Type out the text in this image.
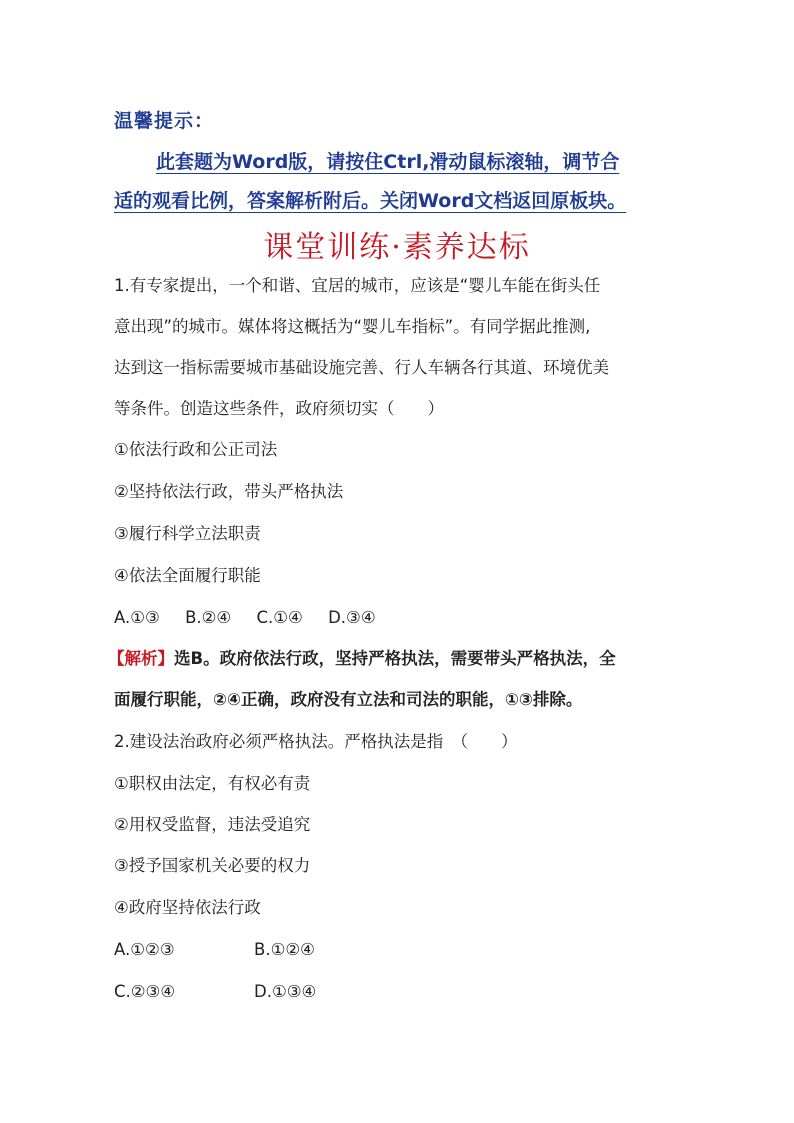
温馨提示：
此套题为Word版，请按住Ctrl,滑动鼠标滚轴，调节合
适的观看比例，答案解析附后。关闭Word文档返回原板块。
课堂训练·素养达标
1.有专家提出，一个和谐、宜居的城市，应该是“婴儿车能在街头任
意出现”的城市。媒体将这概括为“婴儿车指标”。有同学据此推测,
达到这一指标需要城市基础设施完善、行人车辆各行其道、环境优美
等条件。创造这些条件，政府须切实（　　）
①依法行政和公正司法
②坚持依法行政，带头严格执法
③履行科学立法职责
④依法全面履行职能
A.①③ B.②④ C.①④ D.③④
【解析】选B。政府依法行政，坚持严格执法，需要带头严格执法，全
面履行职能，②④正确，政府没有立法和司法的职能，①③排除。
2.建设法治政府必须严格执法。严格执法是指　（　　）
①职权由法定，有权必有责
②用权受监督，违法受追究
③授予国家机关必要的权力
④政府坚持依法行政
A.①②③	B.①②④
C.②③④	D.①③④
